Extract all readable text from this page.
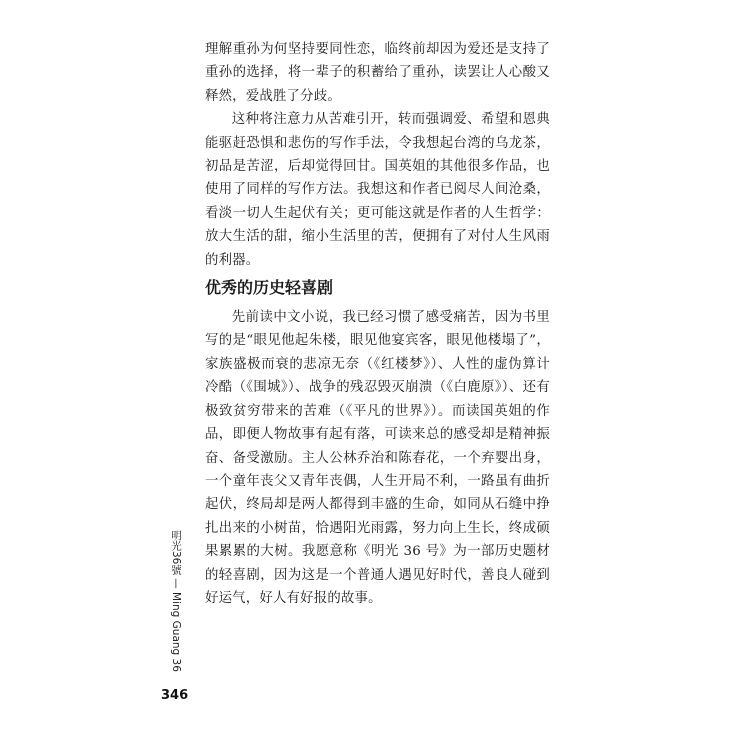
理解重孙为何坚持要同性恋，临终前却因为爱还是支持了重孙的选择，将一辈子的积蓄给了重孙，读罢让人心酸又释然，爱战胜了分歧。

这种将注意力从苦难引开，转而强调爱、希望和恩典能驱赶恐惧和悲伤的写作手法，令我想起台湾的乌龙茶，初品是苦涩，后却觉得回甘。国英姐的其他很多作品，也使用了同样的写作方法。我想这和作者已阅尽人间沧桑，看淡一切人生起伏有关；更可能这就是作者的人生哲学：放大生活的甜，缩小生活里的苦，便拥有了对付人生风雨的利器。

优秀的历史轻喜剧

先前读中文小说，我已经习惯了感受痛苦，因为书里写的是“眼见他起朱楼，眼见他宴宾客，眼见他楼塌了”，家族盛极而衰的悲凉无奈（《红楼梦》）、人性的虚伪算计冷酷（《围城》）、战争的残忍毁灭崩溃（《白鹿原》）、还有极致贫穷带来的苦难（《平凡的世界》）。而读国英姐的作品，即便人物故事有起有落，可读来总的感受却是精神振奋、备受激励。主人公林乔治和陈春花，一个弃婴出身，一个童年丧父又青年丧偶，人生开局不利，一路虽有曲折起伏，终局却是两人都得到丰盛的生命，如同从石缝中挣扎出来的小树苗，恰遇阳光雨露，努力向上生长，终成硕果累累的大树。我愿意称《明光 36 号》为一部历史题材的轻喜剧，因为这是一个普通人遇见好时代，善良人碰到好运气，好人有好报的故事。

明光36號 — Ming Guang 36
346
